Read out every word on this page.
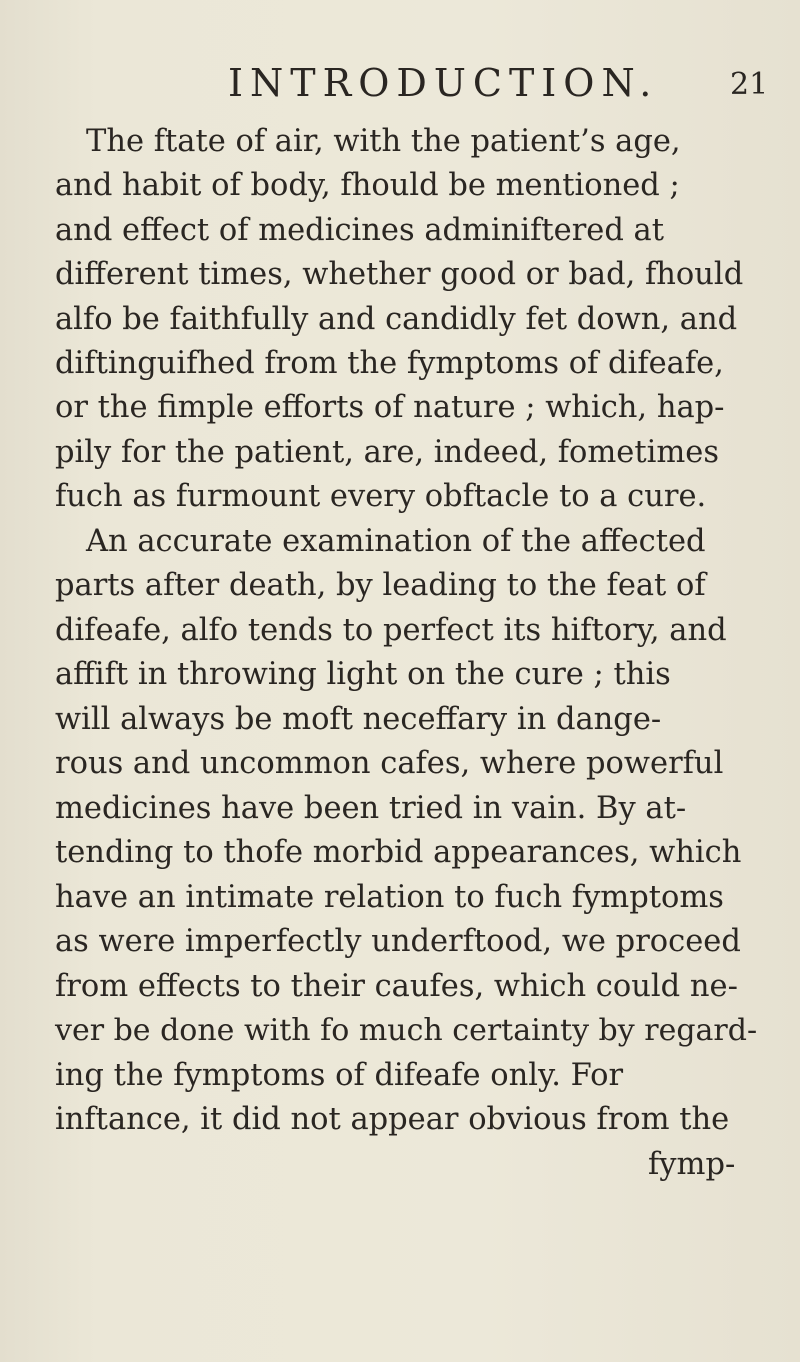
INTRODUCTION. 21
The ftate of air, with the patient’s age,
and habit of body, fhould be mentioned ;
and effect of medicines adminiftered at
different times, whether good or bad, fhould
alfo be faithfully and candidly fet down, and
diftinguifhed from the fymptoms of difeafe,
or the fimple efforts of nature ; which, hap-
pily for the patient, are, indeed, fometimes
fuch as furmount every obftacle to a cure.
An accurate examination of the affected
parts after death, by leading to the feat of
difeafe, alfo tends to perfect its hiftory, and
affift in throwing light on the cure ; this
will always be moft neceffary in dange-
rous and uncommon cafes, where powerful
medicines have been tried in vain. By at-
tending to thofe morbid appearances, which
have an intimate relation to fuch fymptoms
as were imperfectly underftood, we proceed
from effects to their caufes, which could ne-
ver be done with fo much certainty by regard-
ing the fymptoms of difeafe only. For
inftance, it did not appear obvious from the
fymp-
